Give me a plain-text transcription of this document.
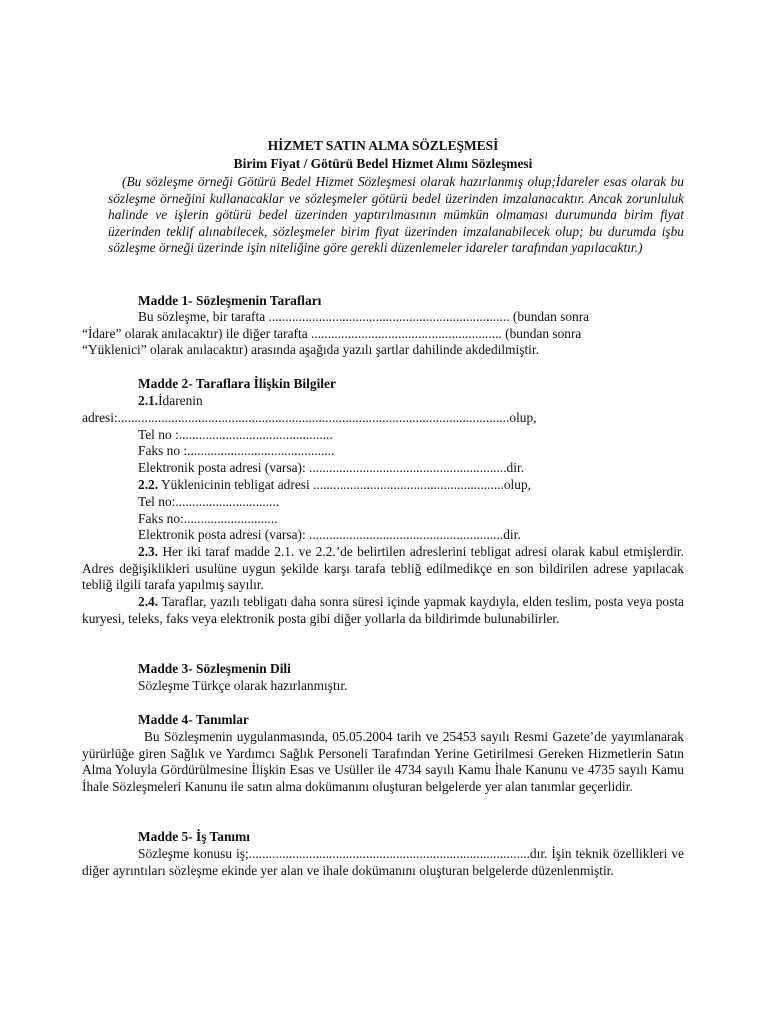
HİZMET SATIN ALMA SÖZLEŞMESİ
Birim Fiyat / Götürü Bedel Hizmet Alımı Sözleşmesi
(Bu sözleşme örneği Götürü Bedel Hizmet Sözleşmesi olarak hazırlanmış olup;İdareler esas olarak bu sözleşme örneğini kullanacaklar ve sözleşmeler götürü bedel üzerinden imzalanacaktır. Ancak zorunluluk halinde ve işlerin götürü bedel üzerinden yaptırılmasının mümkün olmaması durumunda birim fiyat üzerinden teklif alınabilecek, sözleşmeler birim fiyat üzerinden imzalanabilecek olup; bu durumda işbu sözleşme örneği üzerinde işin niteliğine göre gerekli düzenlemeler idareler tarafından yapılacaktır.)
Madde 1- Sözleşmenin Tarafları
Bu sözleşme, bir tarafta ........................................................................ (bundan sonra
“İdare” olarak anılacaktır) ile diğer tarafta ......................................................... (bundan sonra
“Yüklenici” olarak anılacaktır) arasında aşağıda yazılı şartlar dahilinde akdedilmiştir.
Madde 2- Taraflara İlişkin Bilgiler
2.1.İdarenin
adresi:.....................................................................................................................olup,
Tel no :..............................................
Faks no :............................................
Elektronik posta adresi (varsa): ...........................................................dir.
2.2. Yüklenicinin tebligat adresi .........................................................olup,
Tel no:...............................
Faks no:............................
Elektronik posta adresi (varsa): ..........................................................dir.
2.3. Her iki taraf madde 2.1. ve 2.2.’de belirtilen adreslerini tebligat adresi olarak kabul etmişlerdir. Adres değişiklikleri usulüne uygun şekilde karşı tarafa tebliğ edilmedikçe en son bildirilen adrese yapılacak tebliğ ilgili tarafa yapılmış sayılır.
2.4. Taraflar, yazılı tebligatı daha sonra süresi içinde yapmak kaydıyla, elden teslim, posta veya posta kuryesi, teleks, faks veya elektronik posta gibi diğer yollarla da bildirimde bulunabilirler.
Madde 3- Sözleşmenin Dili
Sözleşme Türkçe olarak hazırlanmıştır.
Madde 4- Tanımlar
Bu Sözleşmenin uygulanmasında, 05.05.2004 tarih ve 25453 sayılı Resmi Gazete’de yayımlanarak yürürlüğe giren Sağlık ve Yardımcı Sağlık Personeli Tarafından Yerine Getirilmesi Gereken Hizmetlerin Satın Alma Yoluyla Gördürülmesine İlişkin Esas ve Usüller ile 4734 sayılı Kamu İhale Kanunu ve 4735 sayılı Kamu İhale Sözleşmeleri Kanunu ile satın alma dokümanını oluşturan belgelerde yer alan tanımlar geçerlidir.
Madde 5- İş Tanımı
Sözleşme konusu iş;....................................................................................dır. İşin teknik özellikleri ve diğer ayrıntıları sözleşme ekinde yer alan ve ihale dokümanını oluşturan belgelerde düzenlenmiştir.
